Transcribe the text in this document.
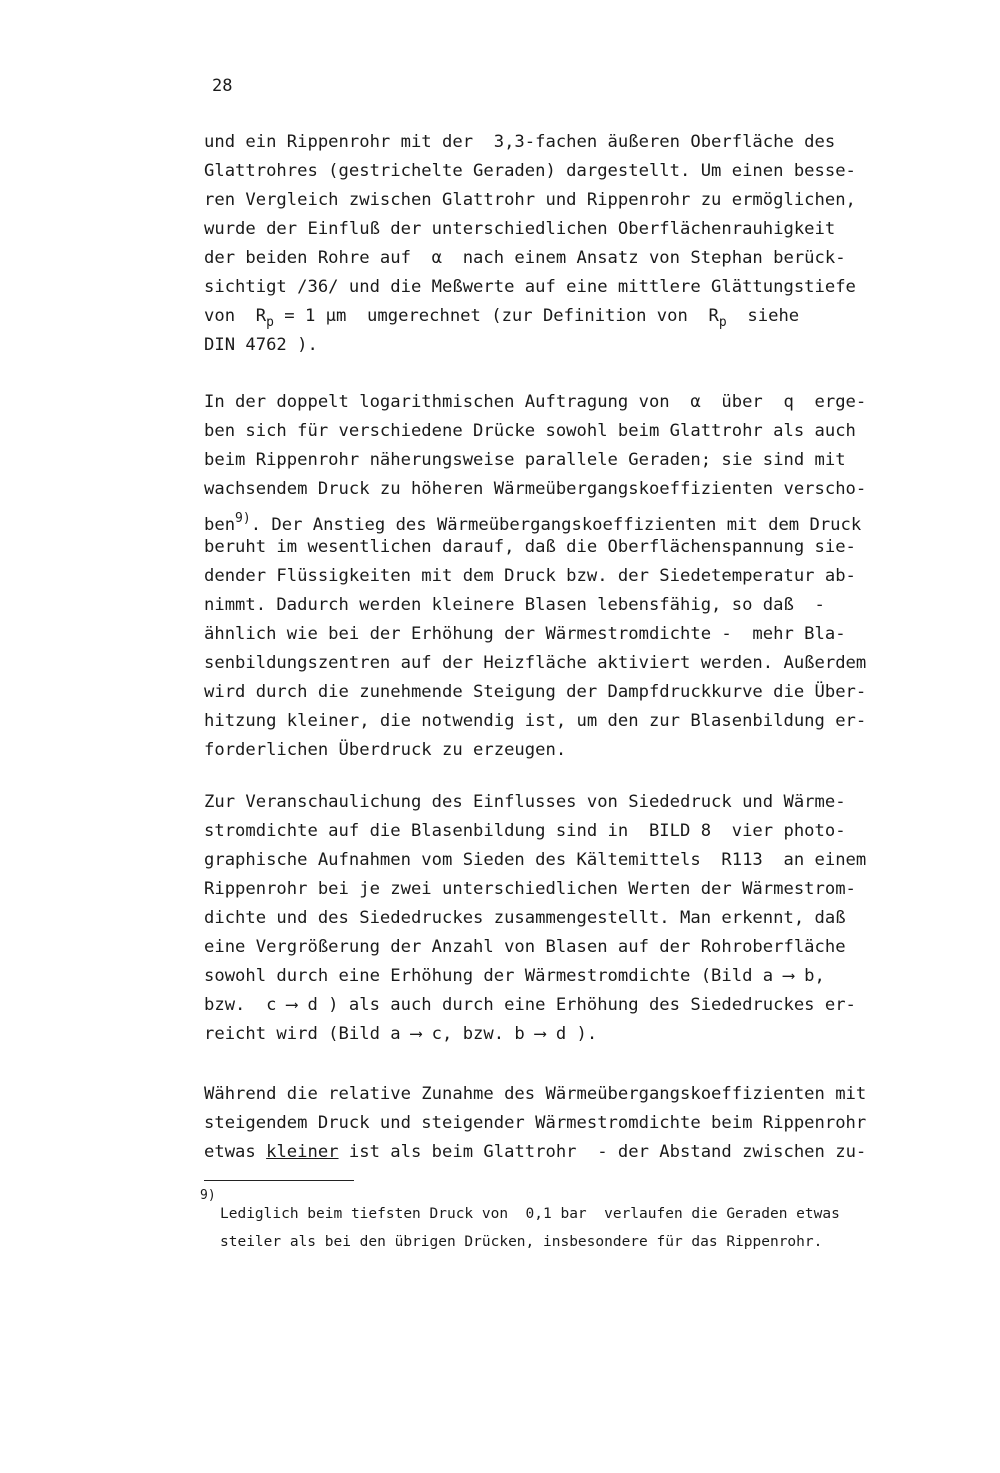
28
und ein Rippenrohr mit der  3,3-fachen äußeren Oberfläche des
Glattrohres (gestrichelte Geraden) dargestellt. Um einen besse-
ren Vergleich zwischen Glattrohr und Rippenrohr zu ermöglichen,
wurde der Einfluß der unterschiedlichen Oberflächenrauhigkeit
der beiden Rohre auf  α  nach einem Ansatz von Stephan berück-
sichtigt /36/ und die Meßwerte auf eine mittlere Glättungstiefe
von  $R_p = 1$ µm  umgerechnet (zur Definition von  $R_p$  siehe
DIN 4762 ).
In der doppelt logarithmischen Auftragung von  α  über  q  erge-
ben sich für verschiedene Drücke sowohl beim Glattrohr als auch
beim Rippenrohr näherungsweise parallele Geraden; sie sind mit
wachsendem Druck zu höheren Wärmeübergangskoeffizienten verscho-
ben$^{9)}$. Der Anstieg des Wärmeübergangskoeffizienten mit dem Druck
beruht im wesentlichen darauf, daß die Oberflächenspannung sie-
dender Flüssigkeiten mit dem Druck bzw. der Siedetemperatur ab-
nimmt. Dadurch werden kleinere Blasen lebensfähig, so daß  -
ähnlich wie bei der Erhöhung der Wärmestromdichte -  mehr Bla-
senbildungszentren auf der Heizfläche aktiviert werden. Außerdem
wird durch die zunehmende Steigung der Dampfdruckkurve die Über-
hitzung kleiner, die notwendig ist, um den zur Blasenbildung er-
forderlichen Überdruck zu erzeugen.
Zur Veranschaulichung des Einflusses von Siededruck und Wärme-
stromdichte auf die Blasenbildung sind in  BILD 8  vier photo-
graphische Aufnahmen vom Sieden des Kältemittels  R113  an einem
Rippenrohr bei je zwei unterschiedlichen Werten der Wärmestrom-
dichte und des Siededruckes zusammengestellt. Man erkennt, daß
eine Vergrößerung der Anzahl von Blasen auf der Rohroberfläche
sowohl durch eine Erhöhung der Wärmestromdichte (Bild a ⟶ b,
bzw.  c ⟶ d ) als auch durch eine Erhöhung des Siededruckes er-
reicht wird (Bild a ⟶ c, bzw. b ⟶ d ).
Während die relative Zunahme des Wärmeübergangskoeffizienten mit
steigendem Druck und steigender Wärmestromdichte beim Rippenrohr
etwas kleiner ist als beim Glattrohr  - der Abstand zwischen zu-
9)
Lediglich beim tiefsten Druck von  0,1 bar  verlaufen die Geraden etwas
steiler als bei den übrigen Drücken, insbesondere für das Rippenrohr.
